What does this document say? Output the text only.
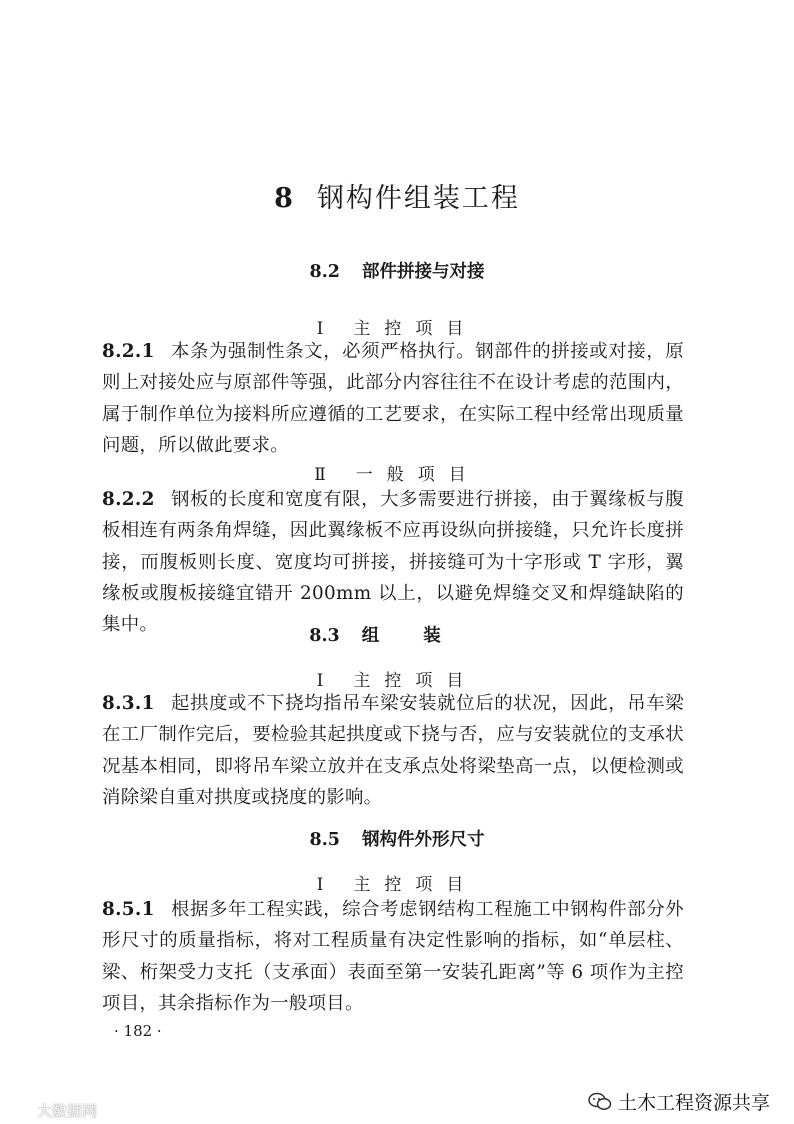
8 钢构件组装工程
8.2 部件拼接与对接
Ⅰ 主控项目
8.2.1 本条为强制性条文，必须严格执行。钢部件的拼接或对接，原则上对接处应与原部件等强，此部分内容往往不在设计考虑的范围内，属于制作单位为接料所应遵循的工艺要求，在实际工程中经常出现质量问题，所以做此要求。
Ⅱ 一般项目
8.2.2 钢板的长度和宽度有限，大多需要进行拼接，由于翼缘板与腹板相连有两条角焊缝，因此翼缘板不应再设纵向拼接缝，只允许长度拼接，而腹板则长度、宽度均可拼接，拼接缝可为十字形或 T 字形，翼缘板或腹板接缝宜错开 200mm 以上，以避免焊缝交叉和焊缝缺陷的集中。
8.3 组装
Ⅰ 主控项目
8.3.1 起拱度或不下挠均指吊车梁安装就位后的状况，因此，吊车梁在工厂制作完后，要检验其起拱度或下挠与否，应与安装就位的支承状况基本相同，即将吊车梁立放并在支承点处将梁垫高一点，以便检测或消除梁自重对拱度或挠度的影响。
8.5 钢构件外形尺寸
Ⅰ 主控项目
8.5.1 根据多年工程实践，综合考虑钢结构工程施工中钢构件部分外形尺寸的质量指标，将对工程质量有决定性影响的指标，如“单层柱、梁、桁架受力支托（支承面）表面至第一安装孔距离”等 6 项作为主控项目，其余指标作为一般项目。
· 182 ·
土木工程资源共享
大数据网
